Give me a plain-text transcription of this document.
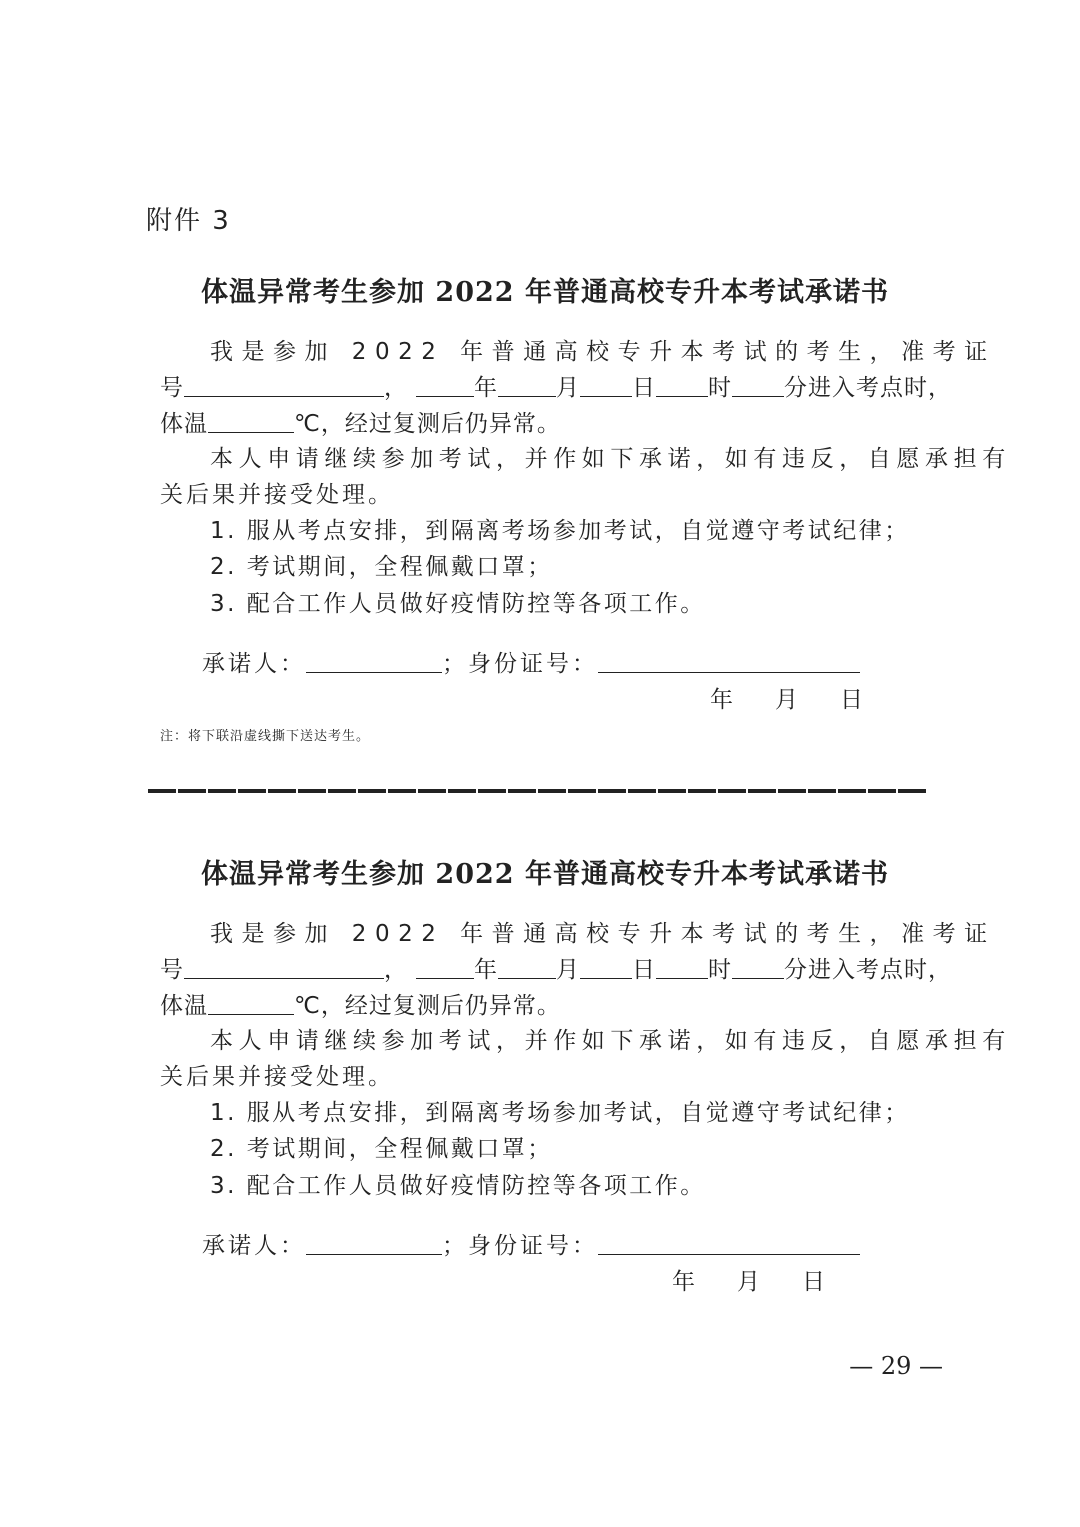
附件 3
体温异常考生参加 2022 年普通高校专升本考试承诺书
我是参加 2022 年普通高校专升本考试的考生，准考证
号	，	年	月 日 时 分进入考点时，
体温	℃，经过复测后仍异常。
本人申请继续参加考试，并作如下承诺，如有违反，自愿承担有
关后果并接受处理。
1. 服从考点安排，到隔离考场参加考试，自觉遵守考试纪律；
2. 考试期间，全程佩戴口罩；
3. 配合工作人员做好疫情防控等各项工作。
承诺人：	；身份证号：
年 月 日
注：将下联沿虚线撕下送达考生。
体温异常考生参加 2022 年普通高校专升本考试承诺书
我是参加 2022 年普通高校专升本考试的考生，准考证
号	，	年	月 日 时 分进入考点时，
体温	℃，经过复测后仍异常。
本人申请继续参加考试，并作如下承诺，如有违反，自愿承担有
关后果并接受处理。
1. 服从考点安排，到隔离考场参加考试，自觉遵守考试纪律；
2. 考试期间，全程佩戴口罩；
3. 配合工作人员做好疫情防控等各项工作。
承诺人：	；身份证号：
年 月 日
— 29 —
